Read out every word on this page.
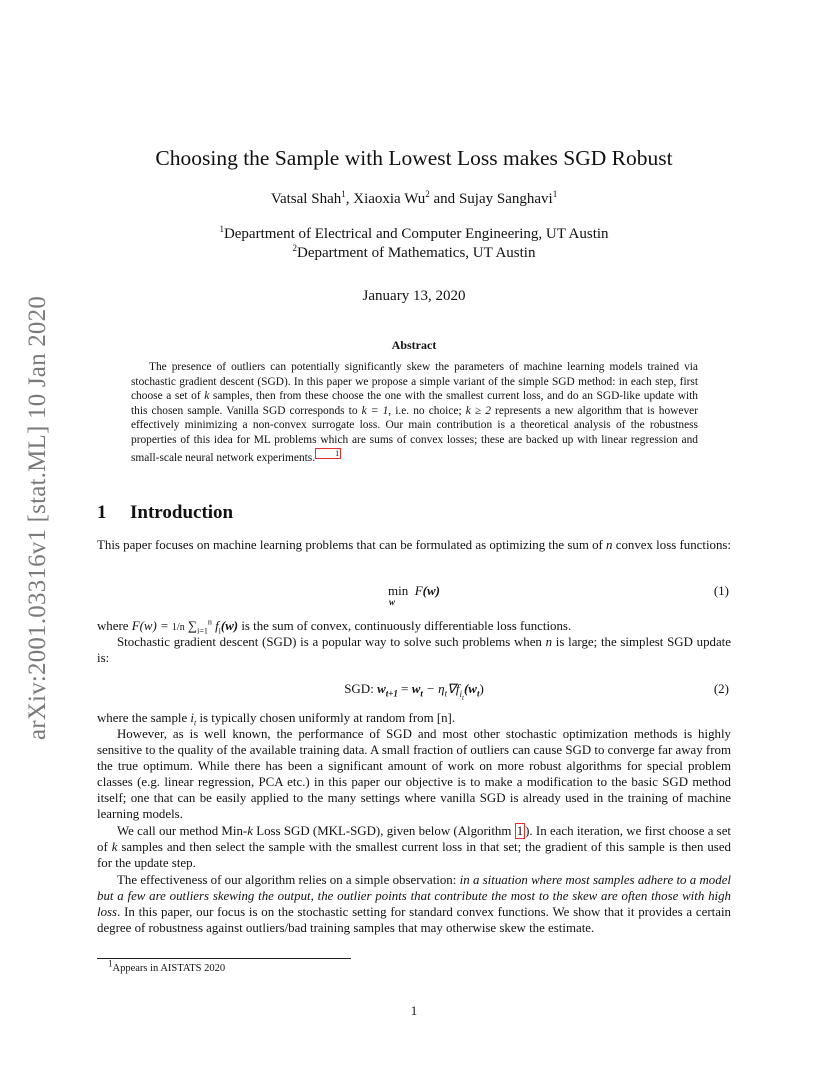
arXiv:2001.03316v1 [stat.ML] 10 Jan 2020
Choosing the Sample with Lowest Loss makes SGD Robust
Vatsal Shah$^1$, Xiaoxia Wu$^2$ and Sujay Sanghavi$^1$
$^1$Department of Electrical and Computer Engineering, UT Austin
$^2$Department of Mathematics, UT Austin
January 13, 2020
Abstract

The presence of outliers can potentially significantly skew the parameters of machine learning models trained via stochastic gradient descent (SGD). In this paper we propose a simple variant of the simple SGD method: in each step, first choose a set of k samples, then from these choose the one with the smallest current loss, and do an SGD-like update with this chosen sample. Vanilla SGD corresponds to k = 1, i.e. no choice; k ≥ 2 represents a new algorithm that is however effectively minimizing a non-convex surrogate loss. Our main contribution is a theoretical analysis of the robustness properties of this idea for ML problems which are sums of convex losses; these are backed up with linear regression and small-scale neural network experiments.	1

1 Introduction

This paper focuses on machine learning problems that can be formulated as optimizing the sum of n convex loss functions:

min F(w)
w
(1)

where F(w) = 1/n $\sum_{i=1}^n$ $f_i(w)$ is the sum of convex, continuously differentiable loss functions.

Stochastic gradient descent (SGD) is a popular way to solve such problems when n is large; the simplest SGD update is:

SGD: $w_{t+1} = w_t - \eta_t\nabla f_{i_t}(w_t)$	(2)

where the sample $i_t$ is typically chosen uniformly at random from [n].

However, as is well known, the performance of SGD and most other stochastic optimization methods is highly sensitive to the quality of the available training data. A small fraction of outliers can cause SGD to converge far away from the true optimum. While there has been a significant amount of work on more robust algorithms for special problem classes (e.g. linear regression, PCA etc.) in this paper our objective is to make a modification to the basic SGD method itself; one that can be easily applied to the many settings where vanilla SGD is already used in the training of machine learning models.

We call our method Min-k Loss SGD (MKL-SGD), given below (Algorithm 1 ). In each iteration, we first choose a set of k samples and then select the sample with the smallest current loss in that set; the gradient of this sample is then used for the update step.

The effectiveness of our algorithm relies on a simple observation: in a situation where most samples adhere to a model but a few are outliers skewing the output, the outlier points that contribute the most to the skew are often those with high loss. In this paper, our focus is on the stochastic setting for standard convex functions. We show that it provides a certain degree of robustness against outliers/bad training samples that may otherwise skew the estimate.

$^1$Appears in AISTATS 2020
1
